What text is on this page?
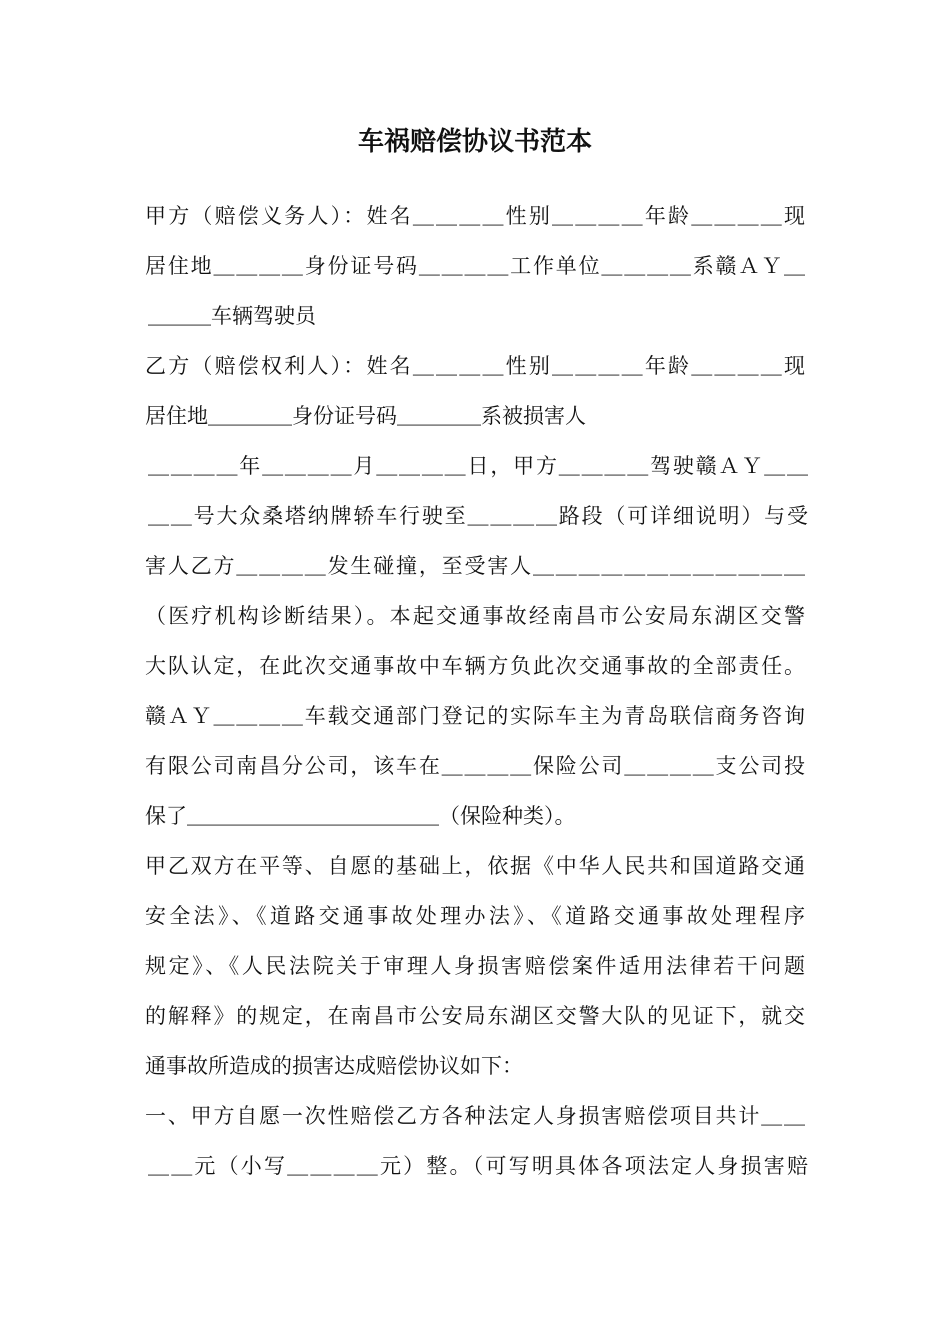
车祸赔偿协议书范本
甲方（赔偿义务人）：姓名＿＿＿＿性别＿＿＿＿年龄＿＿＿＿现
居住地＿＿＿＿身份证号码＿＿＿＿工作单位＿＿＿＿系赣ＡＹ＿
＿＿＿车辆驾驶员
乙方（赔偿权利人）：姓名＿＿＿＿性别＿＿＿＿年龄＿＿＿＿现
居住地＿＿＿＿身份证号码＿＿＿＿系被损害人
＿＿＿＿年＿＿＿＿月＿＿＿＿日，甲方＿＿＿＿驾驶赣ＡＹ＿＿
＿＿号大众桑塔纳牌轿车行驶至＿＿＿＿路段（可详细说明）与受
害人乙方＿＿＿＿发生碰撞，至受害人＿＿＿＿＿＿＿＿＿＿＿＿
（医疗机构诊断结果）。本起交通事故经南昌市公安局东湖区交警
大队认定，在此次交通事故中车辆方负此次交通事故的全部责任。
赣ＡＹ＿＿＿＿车载交通部门登记的实际车主为青岛联信商务咨询
有限公司南昌分公司，该车在＿＿＿＿保险公司＿＿＿＿支公司投
保了＿＿＿＿＿＿＿＿＿＿＿＿（保险种类）。
甲乙双方在平等、自愿的基础上，依据《中华人民共和国道路交通
安全法》、《道路交通事故处理办法》、《道路交通事故处理程序
规定》、《人民法院关于审理人身损害赔偿案件适用法律若干问题
的解释》的规定，在南昌市公安局东湖区交警大队的见证下，就交
通事故所造成的损害达成赔偿协议如下：
一、甲方自愿一次性赔偿乙方各种法定人身损害赔偿项目共计＿＿
＿＿元（小写＿＿＿＿元）整。（可写明具体各项法定人身损害赔
